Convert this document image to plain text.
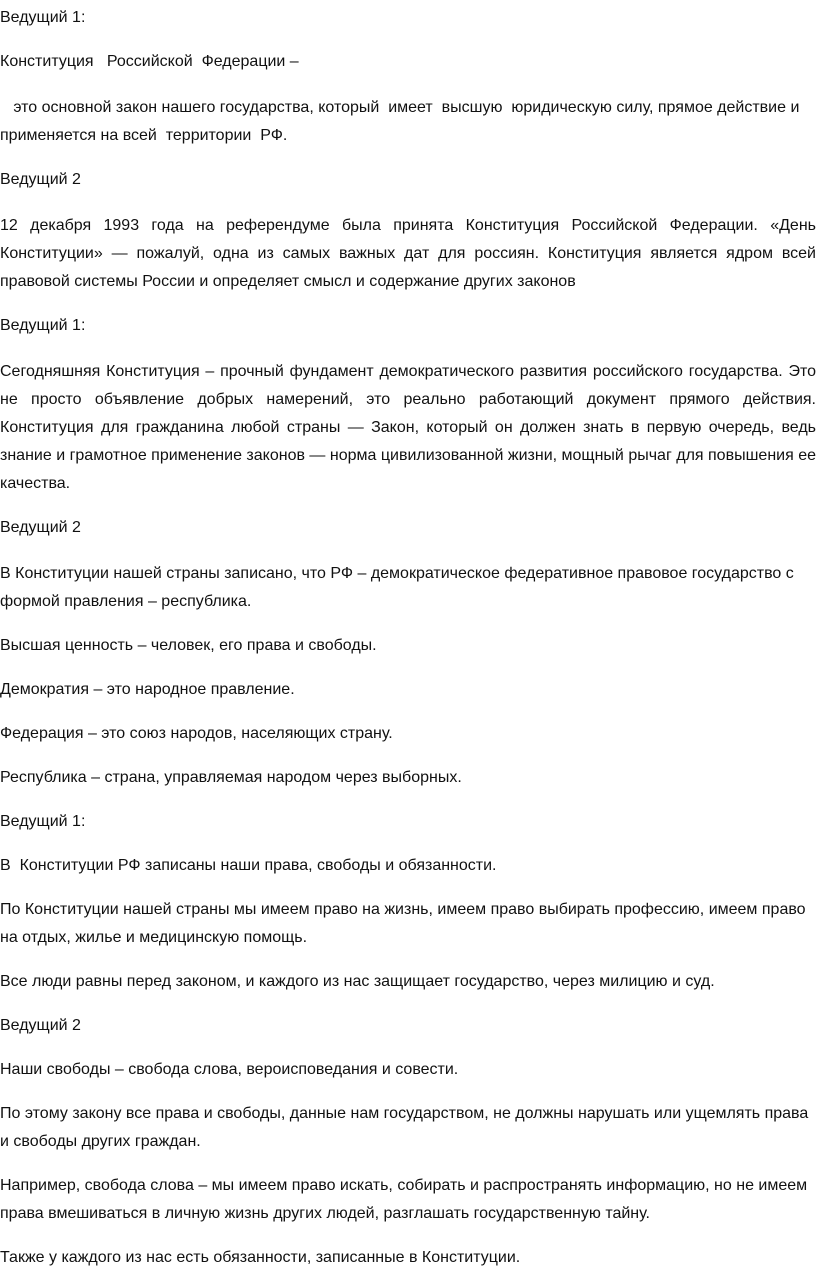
Ведущий 1:

Конституция   Российской  Федерации –

это основной закон нашего государства, который  имеет  высшую  юридическую силу, прямое действие и применяется на всей  территории  РФ.

Ведущий 2

12 декабря 1993 года на референдуме была принята Конституция Российской Федерации. «День Конституции» — пожалуй, одна из самых важных дат для россиян. Конституция является ядром всей правовой системы России и определяет смысл и содержание других законов

Ведущий 1:

Сегодняшняя Конституция – прочный фундамент демократического развития российского государства. Это не просто объявление добрых намерений, это реально работающий документ прямого действия. Конституция для гражданина любой страны — Закон, который он должен знать в первую очередь, ведь знание и грамотное применение законов — норма цивилизованной жизни, мощный рычаг для повышения ее качества.

Ведущий 2

В Конституции нашей страны записано, что РФ – демократическое федеративное правовое государство с формой правления – республика.

Высшая ценность – человек, его права и свободы.

Демократия – это народное правление.

Федерация – это союз народов, населяющих страну.

Республика – страна, управляемая народом через выборных.

Ведущий 1:

В  Конституции РФ записаны наши права, свободы и обязанности.

По Конституции нашей страны мы имеем право на жизнь, имеем право выбирать профессию, имеем право на отдых, жилье и медицинскую помощь.

Все люди равны перед законом, и каждого из нас защищает государство, через милицию и суд.

Ведущий 2

Наши свободы – свобода слова, вероисповедания и совести.

По этому закону все права и свободы, данные нам государством, не должны нарушать или ущемлять права и свободы других граждан.

Например, свобода слова – мы имеем право искать, собирать и распространять информацию, но не имеем права вмешиваться в личную жизнь других людей, разглашать государственную тайну.

Также у каждого из нас есть обязанности, записанные в Конституции.
